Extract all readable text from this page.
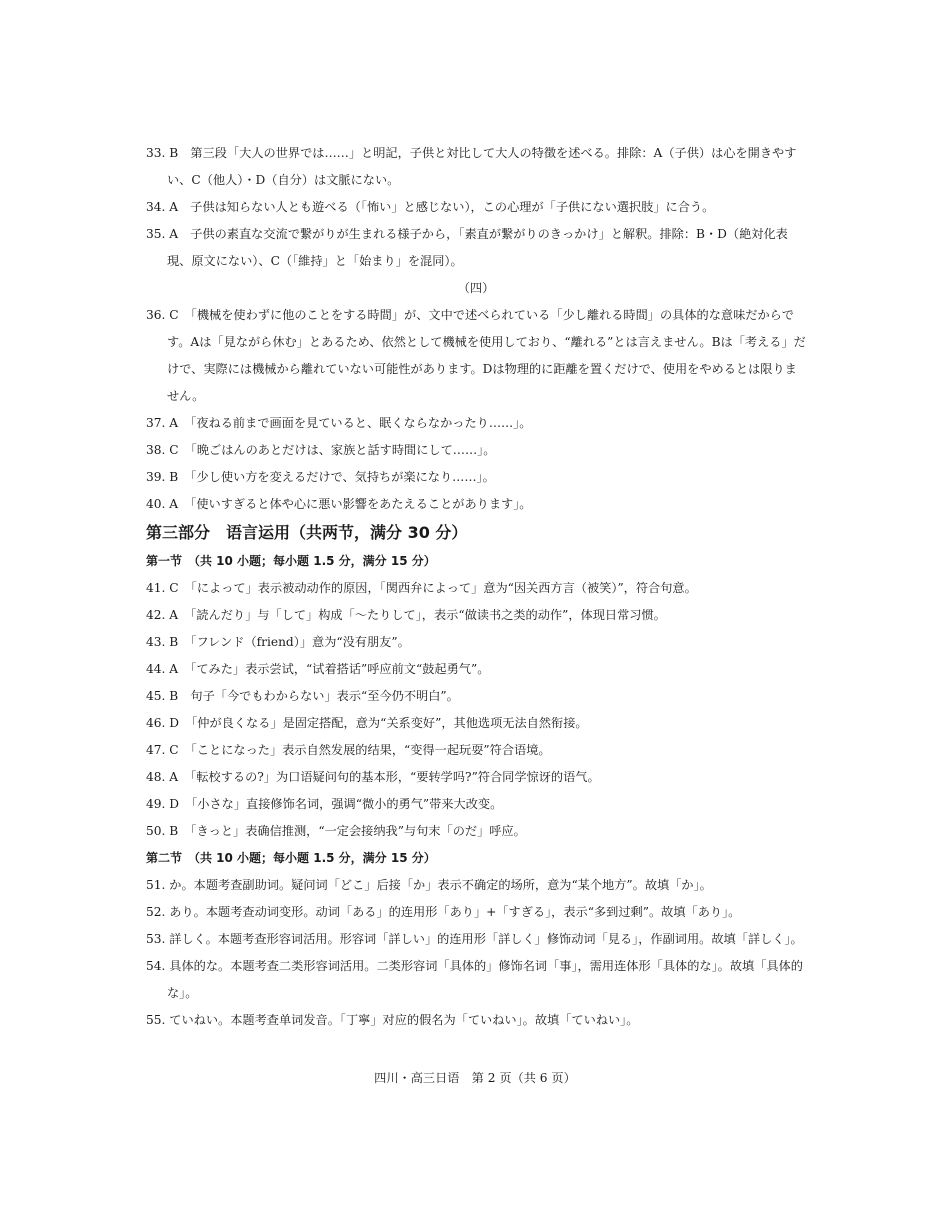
33. B　第三段「大人の世界では……」と明記，子供と対比して大人の特徴を述べる。排除：A（子供）は心を開きやすい、C（他人）・D（自分）は文脈にない。

34. A　子供は知らない人とも遊べる（「怖い」と感じない），この心理が「子供にない選択肢」に合う。

35. A　子供の素直な交流で繋がりが生まれる様子から，「素直が繋がりのきっかけ」と解釈。排除：B・D（絶対化表現、原文にない）、C（「維持」と「始まり」を混同）。

（四）

36. C　「機械を使わずに他のことをする時間」が、文中で述べられている「少し離れる時間」の具体的な意味だからです。Aは「見ながら休む」とあるため、依然として機械を使用しており、“離れる”とは言えません。Bは「考える」だけで、実際には機械から離れていない可能性があります。Dは物理的に距離を置くだけで、使用をやめるとは限りません。

37. A　「夜ねる前まで画面を見ていると、眠くならなかったり……」。

38. C　「晩ごはんのあとだけは、家族と話す時間にして……」。

39. B　「少し使い方を変えるだけで、気持ちが楽になり……」。

40. A　「使いすぎると体や心に悪い影響をあたえることがあります」。

第三部分　语言运用（共两节，满分 30 分）

第一节　（共 10 小题；每小题 1.5 分，满分 15 分）

41. C　「によって」表示被动动作的原因，「関西弁によって」意为“因关西方言（被笑）”，符合句意。

42. A　「読んだり」与「して」构成「～たりして」，表示“做读书之类的动作”，体现日常习惯。

43. B　「フレンド（friend）」意为“没有朋友”。

44. A　「てみた」表示尝试，“试着搭话”呼应前文“鼓起勇气”。

45. B　句子「今でもわからない」表示“至今仍不明白”。

46. D　「仲が良くなる」是固定搭配，意为“关系变好”，其他选项无法自然衔接。

47. C　「ことになった」表示自然发展的结果，“变得一起玩耍”符合语境。

48. A　「転校するの?」为口语疑问句的基本形，“要转学吗?”符合同学惊讶的语气。

49. D　「小さな」直接修饰名词，强调“微小的勇气”带来大改变。

50. B　「きっと」表确信推测，“一定会接纳我”与句末「のだ」呼应。

第二节　（共 10 小题；每小题 1.5 分，满分 15 分）

51. か。本题考查副助词。疑问词「どこ」后接「か」表示不确定的场所，意为“某个地方”。故填「か」。

52. あり。本题考查动词变形。动词「ある」的连用形「あり」+「すぎる」，表示“多到过剩”。故填「あり」。

53. 詳しく。本题考查形容词活用。形容词「詳しい」的连用形「詳しく」修饰动词「見る」，作副词用。故填「詳しく」。

54. 具体的な。本题考查二类形容词活用。二类形容词「具体的」修饰名词「事」，需用连体形「具体的な」。故填「具体的な」。

55. ていねい。本题考查单词发音。「丁寧」对应的假名为「ていねい」。故填「ていねい」。

四川・高三日语　第 2 页（共 6 页）
